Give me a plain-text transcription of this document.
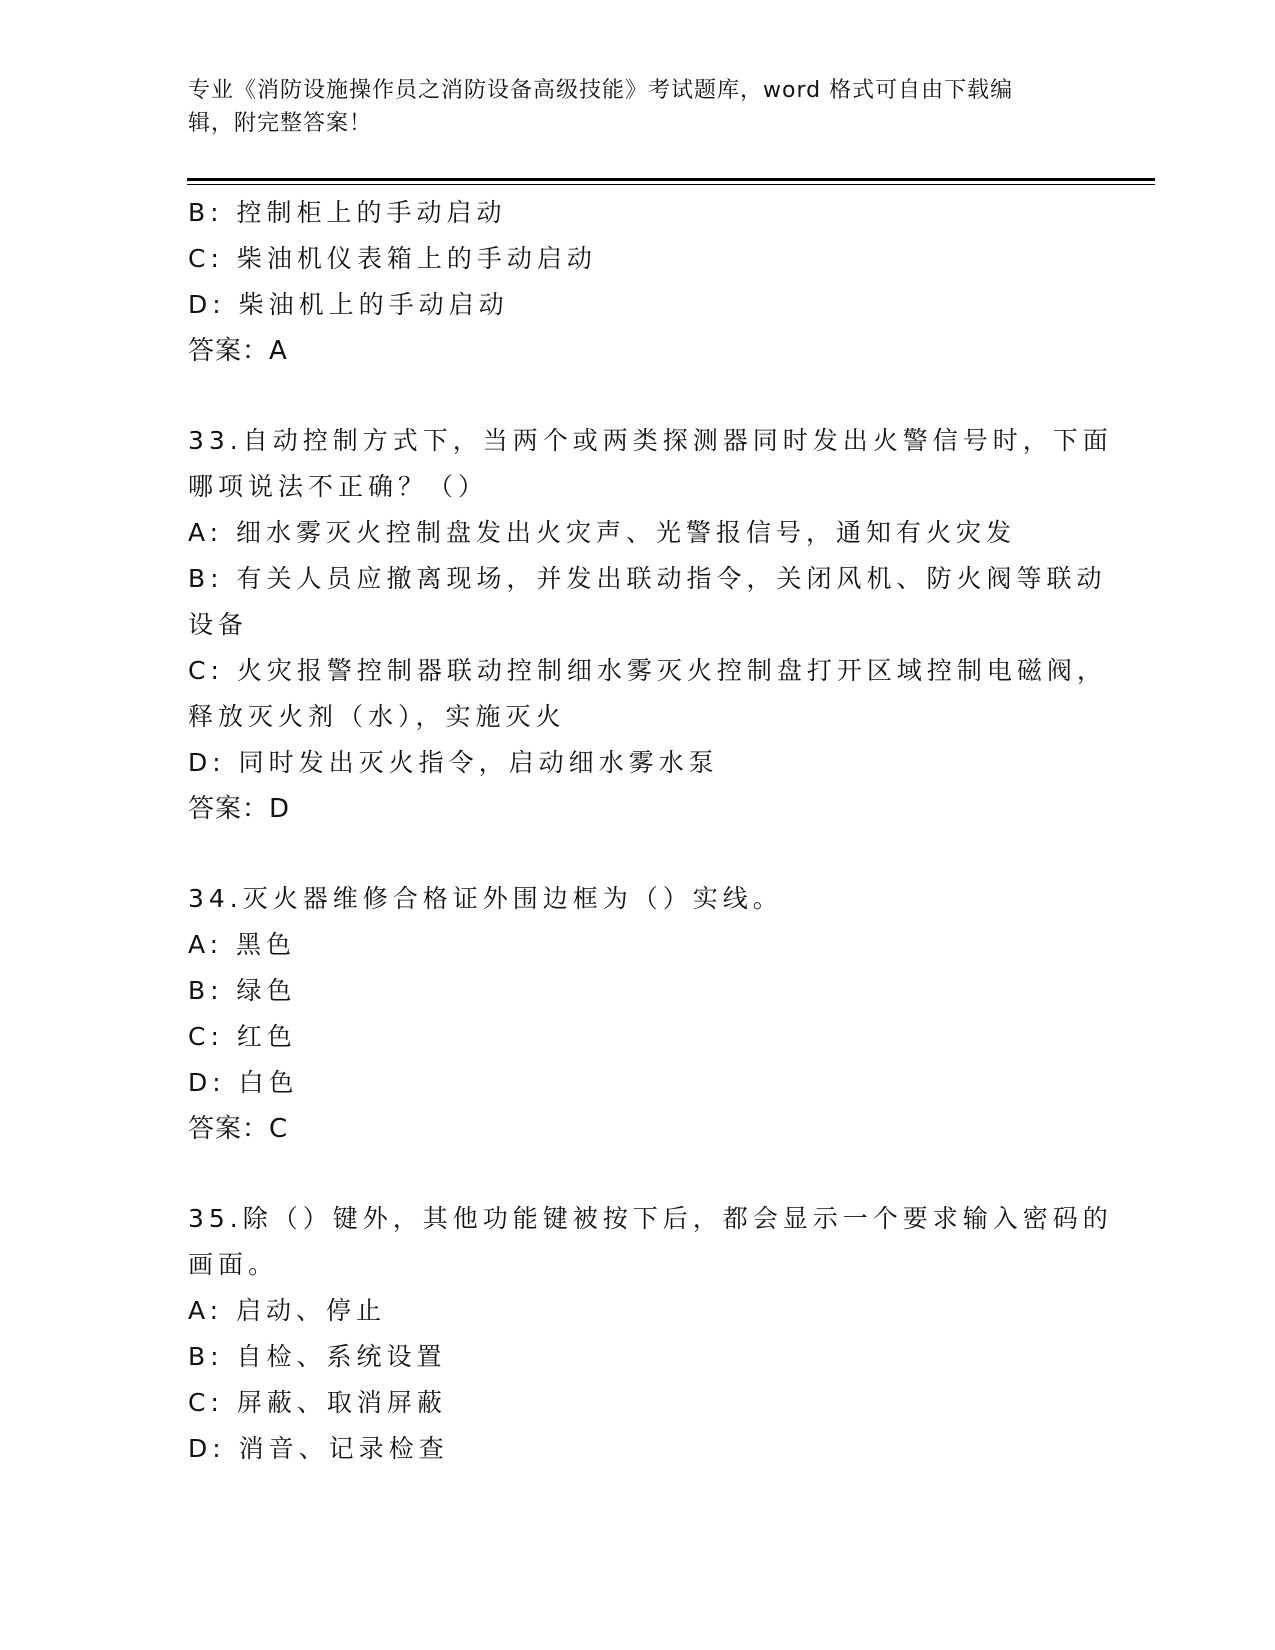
专业《消防设施操作员之消防设备高级技能》考试题库，word 格式可自由下载编
辑，附完整答案！
B: 控制柜上的手动启动
C: 柴油机仪表箱上的手动启动
D: 柴油机上的手动启动
答案：A
33.自动控制方式下，当两个或两类探测器同时发出火警信号时，下面
哪项说法不正确？（）
A: 细水雾灭火控制盘发出火灾声、光警报信号，通知有火灾发
B: 有关人员应撤离现场，并发出联动指令，关闭风机、防火阀等联动
设备
C: 火灾报警控制器联动控制细水雾灭火控制盘打开区域控制电磁阀，
释放灭火剂（水），实施灭火
D: 同时发出灭火指令，启动细水雾水泵
答案：D
34.灭火器维修合格证外围边框为（）实线。
A: 黑色
B: 绿色
C: 红色
D: 白色
答案：C
35.除（）键外，其他功能键被按下后，都会显示一个要求输入密码的
画面。
A: 启动、停止
B: 自检、系统设置
C: 屏蔽、取消屏蔽
D: 消音、记录检查
